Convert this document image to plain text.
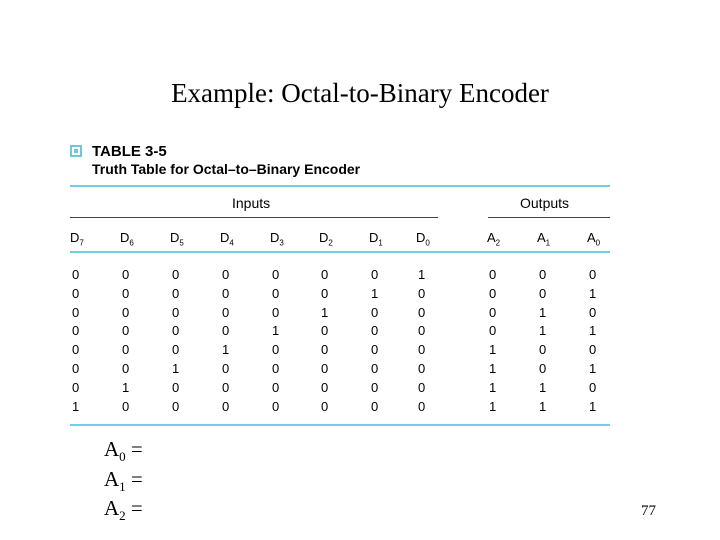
Example: Octal-to-Binary Encoder
TABLE 3-5
Truth Table for Octal–to–Binary Encoder
Inputs	Outputs
$D_7$	$D_6$	$D_5$	$D_4$	$D_3$	$D_2$	$D_1$	$D_0$	$A_2$	$A_1$	$A_0$
0	0	0	0	0	0	0	1	0	0	0
0	0	0	0	0	0	1	0	0	0	1
0	0	0	0	0	1	0	0	0	1	0
0	0	0	0	1	0	0	0	0	1	1
0	0	0	1	0	0	0	0	1	0	0
0	0	1	0	0	0	0	0	1	0	1
0	1	0	0	0	0	0	0	1	1	0
1	0	0	0	0	0	0	0	1	1	1
$A_0$ =
$A_1$ =
$A_2$ =	77
